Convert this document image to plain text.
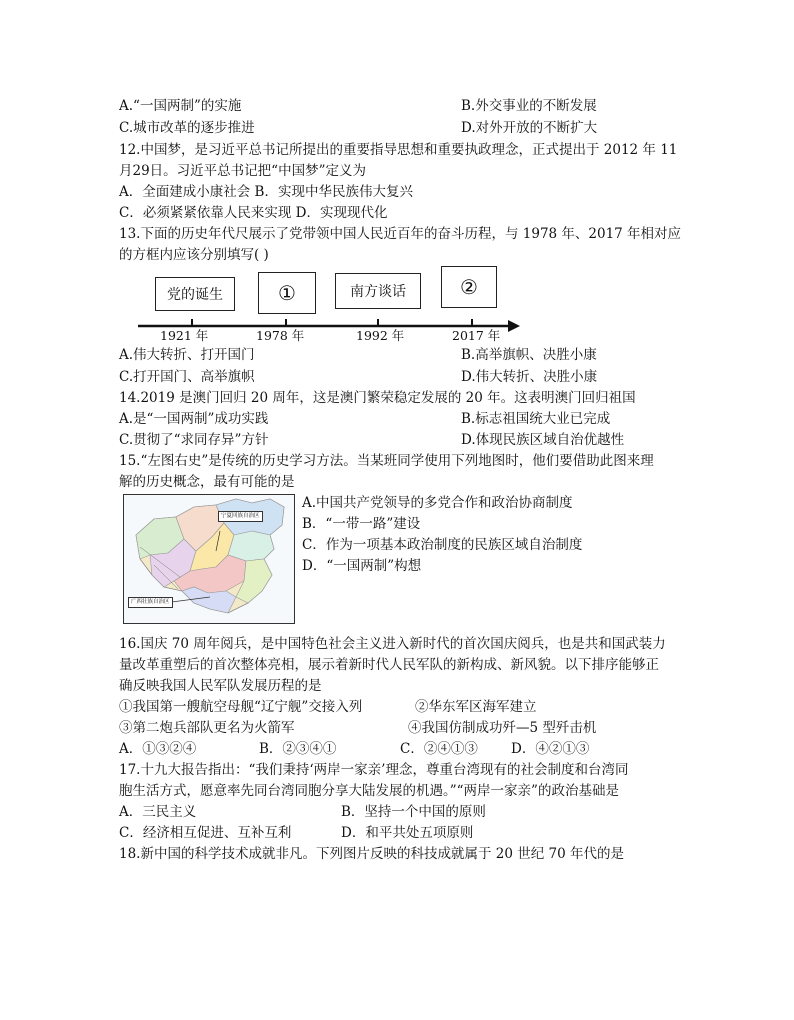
A.“一国两制”的实施	B.外交事业的不断发展
C.城市改革的逐步推进	D.对外开放的不断扩大
12.中国梦，是习近平总书记所提出的重要指导思想和重要执政理念，正式提出于 2012 年 11
月29日。习近平总书记把“中国梦”定义为
A．全面建成小康社会 B．实现中华民族伟大复兴
C．必须紧紧依靠人民来实现 D．实现现代化
13.下面的历史年代尺展示了党带领中国人民近百年的奋斗历程，与 1978 年、2017 年相对应
的方框内应该分别填写( )
党的诞生	①	南方谈话	②
1921 年	1978 年	1992 年	2017 年
A.伟大转折、打开国门	B.高举旗帜、决胜小康
C.打开国门、高举旗帜	D.伟大转折、决胜小康
14.2019 是澳门回归 20 周年，这是澳门繁荣稳定发展的 20 年。这表明澳门回归祖国
A.是“一国两制”成功实践	B.标志祖国统大业已完成
C.贯彻了“求同存异”方针	D.体现民族区域自治优越性
15.“左图右史”是传统的历史学习方法。当某班同学使用下列地图时，他们要借助此图来理
解的历史概念，最有可能的是
宁夏回族自治区
广西壮族自治区
A.中国共产党领导的多党合作和政治协商制度
B．“一带一路”建设
C．作为一项基本政治制度的民族区域自治制度
D．“一国两制”构想
16.国庆 70 周年阅兵，是中国特色社会主义进入新时代的首次国庆阅兵，也是共和国武装力
量改革重塑后的首次整体亮相，展示着新时代人民军队的新构成、新风貌。以下排序能够正
确反映我国人民军队发展历程的是
①我国第一艘航空母舰“辽宁舰”交接入列	②华东军区海军建立
③第二炮兵部队更名为火箭军	④我国仿制成功歼—5 型歼击机
A．①③②④	B．②③④①	C．②④①③ D．④②①③
17.十九大报告指出：“我们秉持‘两岸一家亲’理念，尊重台湾现有的社会制度和台湾同
胞生活方式，愿意率先同台湾同胞分享大陆发展的机遇。”“两岸一家亲”的政治基础是
A．三民主义	B．坚持一个中国的原则
C．经济相互促进、互补互利	D．和平共处五项原则
18.新中国的科学技术成就非凡。下列图片反映的科技成就属于 20 世纪 70 年代的是
